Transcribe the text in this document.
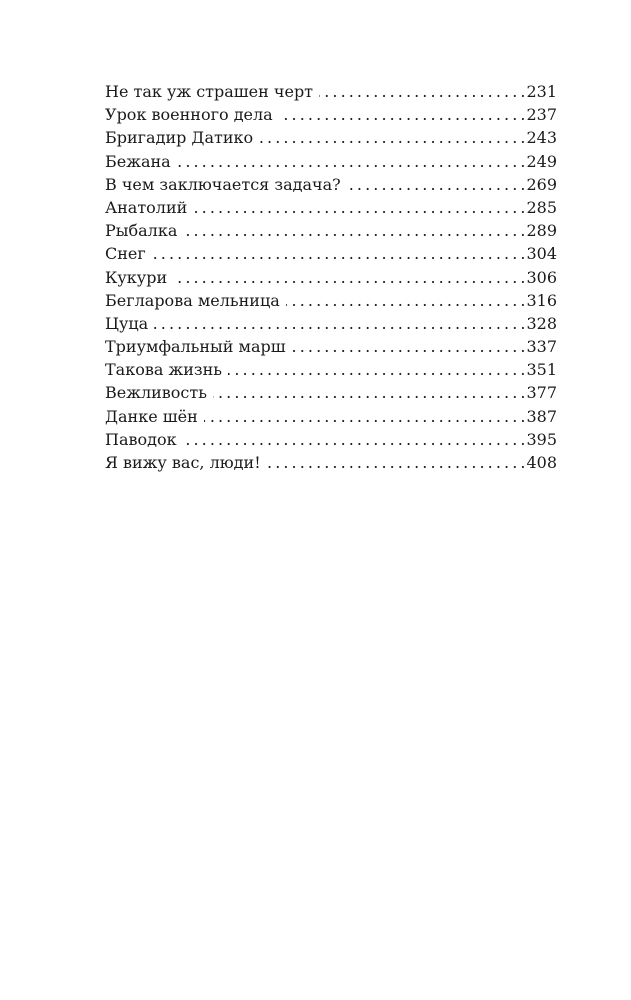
Не так уж страшен черт . . .	231
Урок военного дела . . .	237
Бригадир Датико . . .	243
Бежана . . .	249
В чем заключается задача? . . .	269
Анатолий . . .	285
Рыбалка . . .	289
Снег . . .	304
Кукури . . .	306
Бегларова мельница . . .	316
Цуца . . .	328
Триумфальный марш . . .	337
Такова жизнь . . .	351
Вежливость . . .	377
Данке шён . . .	387
Паводок . . .	395
Я вижу вас, люди! . . .	408
